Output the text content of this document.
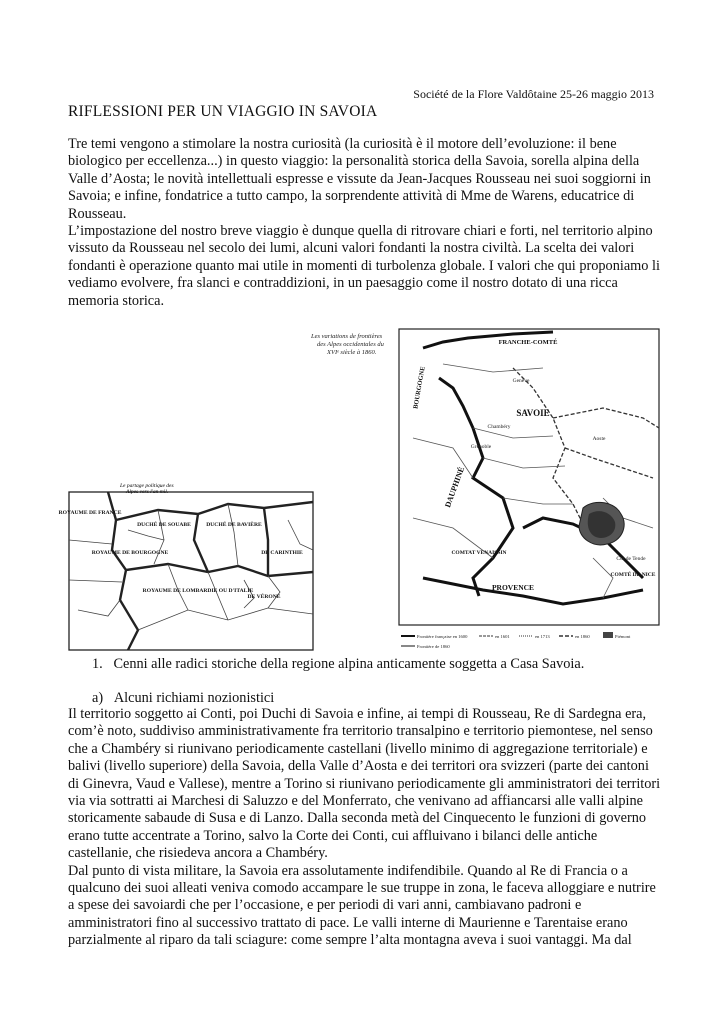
Société de la Flore Valdôtaine 25-26 maggio 2013
RIFLESSIONI PER UN VIAGGIO IN SAVOIA

Tre temi vengono a stimolare la nostra curiosità (la curiosità è il motore dell’evoluzione: il bene biologico per eccellenza...) in questo viaggio: la personalità storica della Savoia, sorella alpina della Valle d’Aosta; le novità intellettuali espresse e vissute da Jean-Jacques Rousseau nei suoi soggiorni in Savoia; e infine, fondatrice a tutto campo, la sorprendente attività di Mme de Warens, educatrice di Rousseau.

L’impostazione del nostro breve viaggio è dunque quella di ritrovare chiari e forti, nel territorio alpino vissuto da Rousseau nel secolo dei lumi, alcuni valori fondanti la nostra civiltà. La scelta dei valori fondanti è operazione quanto mai utile in momenti di turbolenza globale. I valori che qui proponiamo li vediamo evolvere, fra slanci e contraddizioni, in un paesaggio come il nostro dotato di una ricca memoria storica.

Le partage politique des
Alpes vers l'an mil.
ROYAUME DE FRANCE
DUCHÉ DE SOUABE	DUCHÉ DE BAVIÈRE
ROYAUME DE BOURGOGNE
ROYAUME DE LOMBARDIE OU D'ITALIE
DE VÉRONE
DE CARINTHIE
Les variations de frontières
des Alpes occidentales du
XVIᵉ siècle à 1860.
FRANCHE-COMTÉ
BOURGOGNE
SAVOIE
DAUPHINÉ
PROVENCE
COMTAT VENAISSIN
COMTÉ DE NICE
Genève
Grenoble
Chambéry
Aoste
Col de Tende
Frontière française en 1600	en 1601	en 1713	en 1860	Piémont
Frontière de 1860
1.   Cenni alle radici storiche della regione alpina anticamente soggetta a Casa Savoia.
a)   Alcuni richiami nozionistici

Il territorio soggetto ai Conti, poi Duchi di Savoia e infine, ai tempi di Rousseau, Re di Sardegna era, com’è noto, suddiviso amministrativamente fra territorio transalpino e territorio piemontese, nel senso che a Chambéry si riunivano periodicamente castellani (livello minimo di aggregazione territoriale) e balivi (livello superiore) della Savoia, della Valle d’Aosta e dei territori ora svizzeri (parte dei cantoni di Ginevra, Vaud e Vallese), mentre a Torino si riunivano periodicamente gli amministratori dei territori via via sottratti ai Marchesi di Saluzzo e del Monferrato, che venivano ad affiancarsi alle valli alpine storicamente sabaude di Susa e di Lanzo. Dalla seconda metà del Cinquecento le funzioni di governo erano tutte accentrate a Torino, salvo la Corte dei Conti, cui affluivano i bilanci delle antiche castellanie, che risiedeva ancora a Chambéry.

Dal punto di vista militare, la Savoia era assolutamente indifendibile. Quando al Re di Francia o a qualcuno dei suoi alleati veniva comodo accampare le sue truppe in zona, le faceva alloggiare e nutrire a spese dei savoiardi che per l’occasione, e per periodi di vari anni, cambiavano padroni e amministratori fino al successivo trattato di pace. Le valli interne di Maurienne e Tarentaise erano parzialmente al riparo da tali sciagure: come sempre l’alta montagna aveva i suoi vantaggi. Ma dal
